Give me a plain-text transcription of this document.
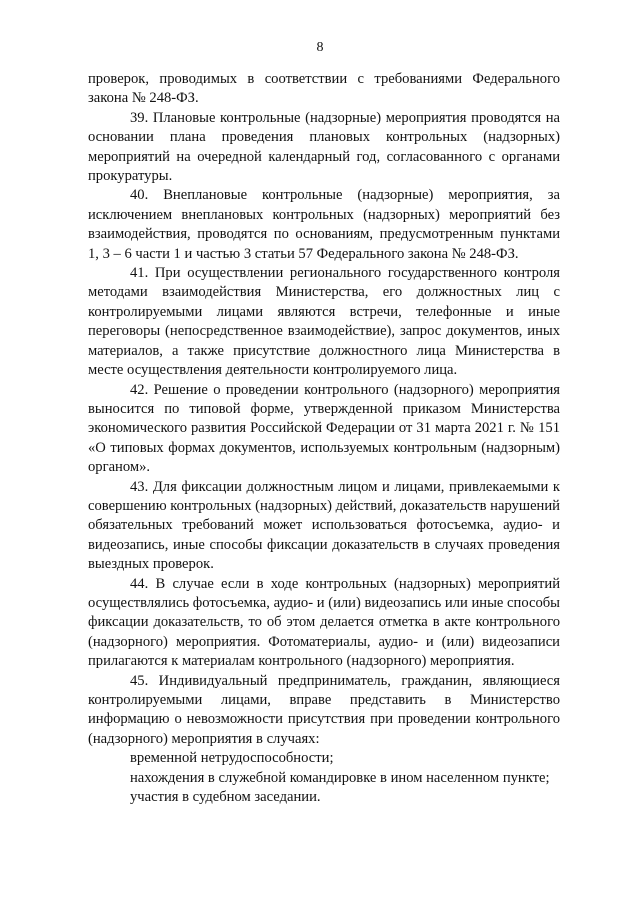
8

проверок, проводимых в соответствии с требованиями Федерального закона № 248-ФЗ.

39. Плановые контрольные (надзорные) мероприятия проводятся на основании плана проведения плановых контрольных (надзорных) мероприятий на очередной календарный год, согласованного с органами прокуратуры.

40. Внеплановые контрольные (надзорные) мероприятия, за исключением внеплановых контрольных (надзорных) мероприятий без взаимодействия, проводятся по основаниям, предусмотренным пунктами 1, 3 – 6 части 1 и частью 3 статьи 57 Федерального закона № 248-ФЗ.

41. При осуществлении регионального государственного контроля методами взаимодействия Министерства, его должностных лиц с контролируемыми лицами являются встречи, телефонные и иные переговоры (непосредственное взаимодействие), запрос документов, иных материалов, а также присутствие должностного лица Министерства в месте осуществления деятельности контролируемого лица.

42. Решение о проведении контрольного (надзорного) мероприятия выносится по типовой форме, утвержденной приказом Министерства экономического развития Российской Федерации от 31 марта 2021 г. № 151 «О типовых формах документов, используемых контрольным (надзорным) органом».

43. Для фиксации должностным лицом и лицами, привлекаемыми к совершению контрольных (надзорных) действий, доказательств нарушений обязательных требований может использоваться фотосъемка, аудио- и видеозапись, иные способы фиксации доказательств в случаях проведения выездных проверок.

44. В случае если в ходе контрольных (надзорных) мероприятий осуществлялись фотосъемка, аудио- и (или) видеозапись или иные способы фиксации доказательств, то об этом делается отметка в акте контрольного (надзорного) мероприятия. Фотоматериалы, аудио- и (или) видеозаписи прилагаются к материалам контрольного (надзорного) мероприятия.

45. Индивидуальный предприниматель, гражданин, являющиеся контролируемыми лицами, вправе представить в Министерство информацию о невозможности присутствия при проведении контрольного (надзорного) мероприятия в случаях:

временной нетрудоспособности;

нахождения в служебной командировке в ином населенном пункте;

участия в судебном заседании.
